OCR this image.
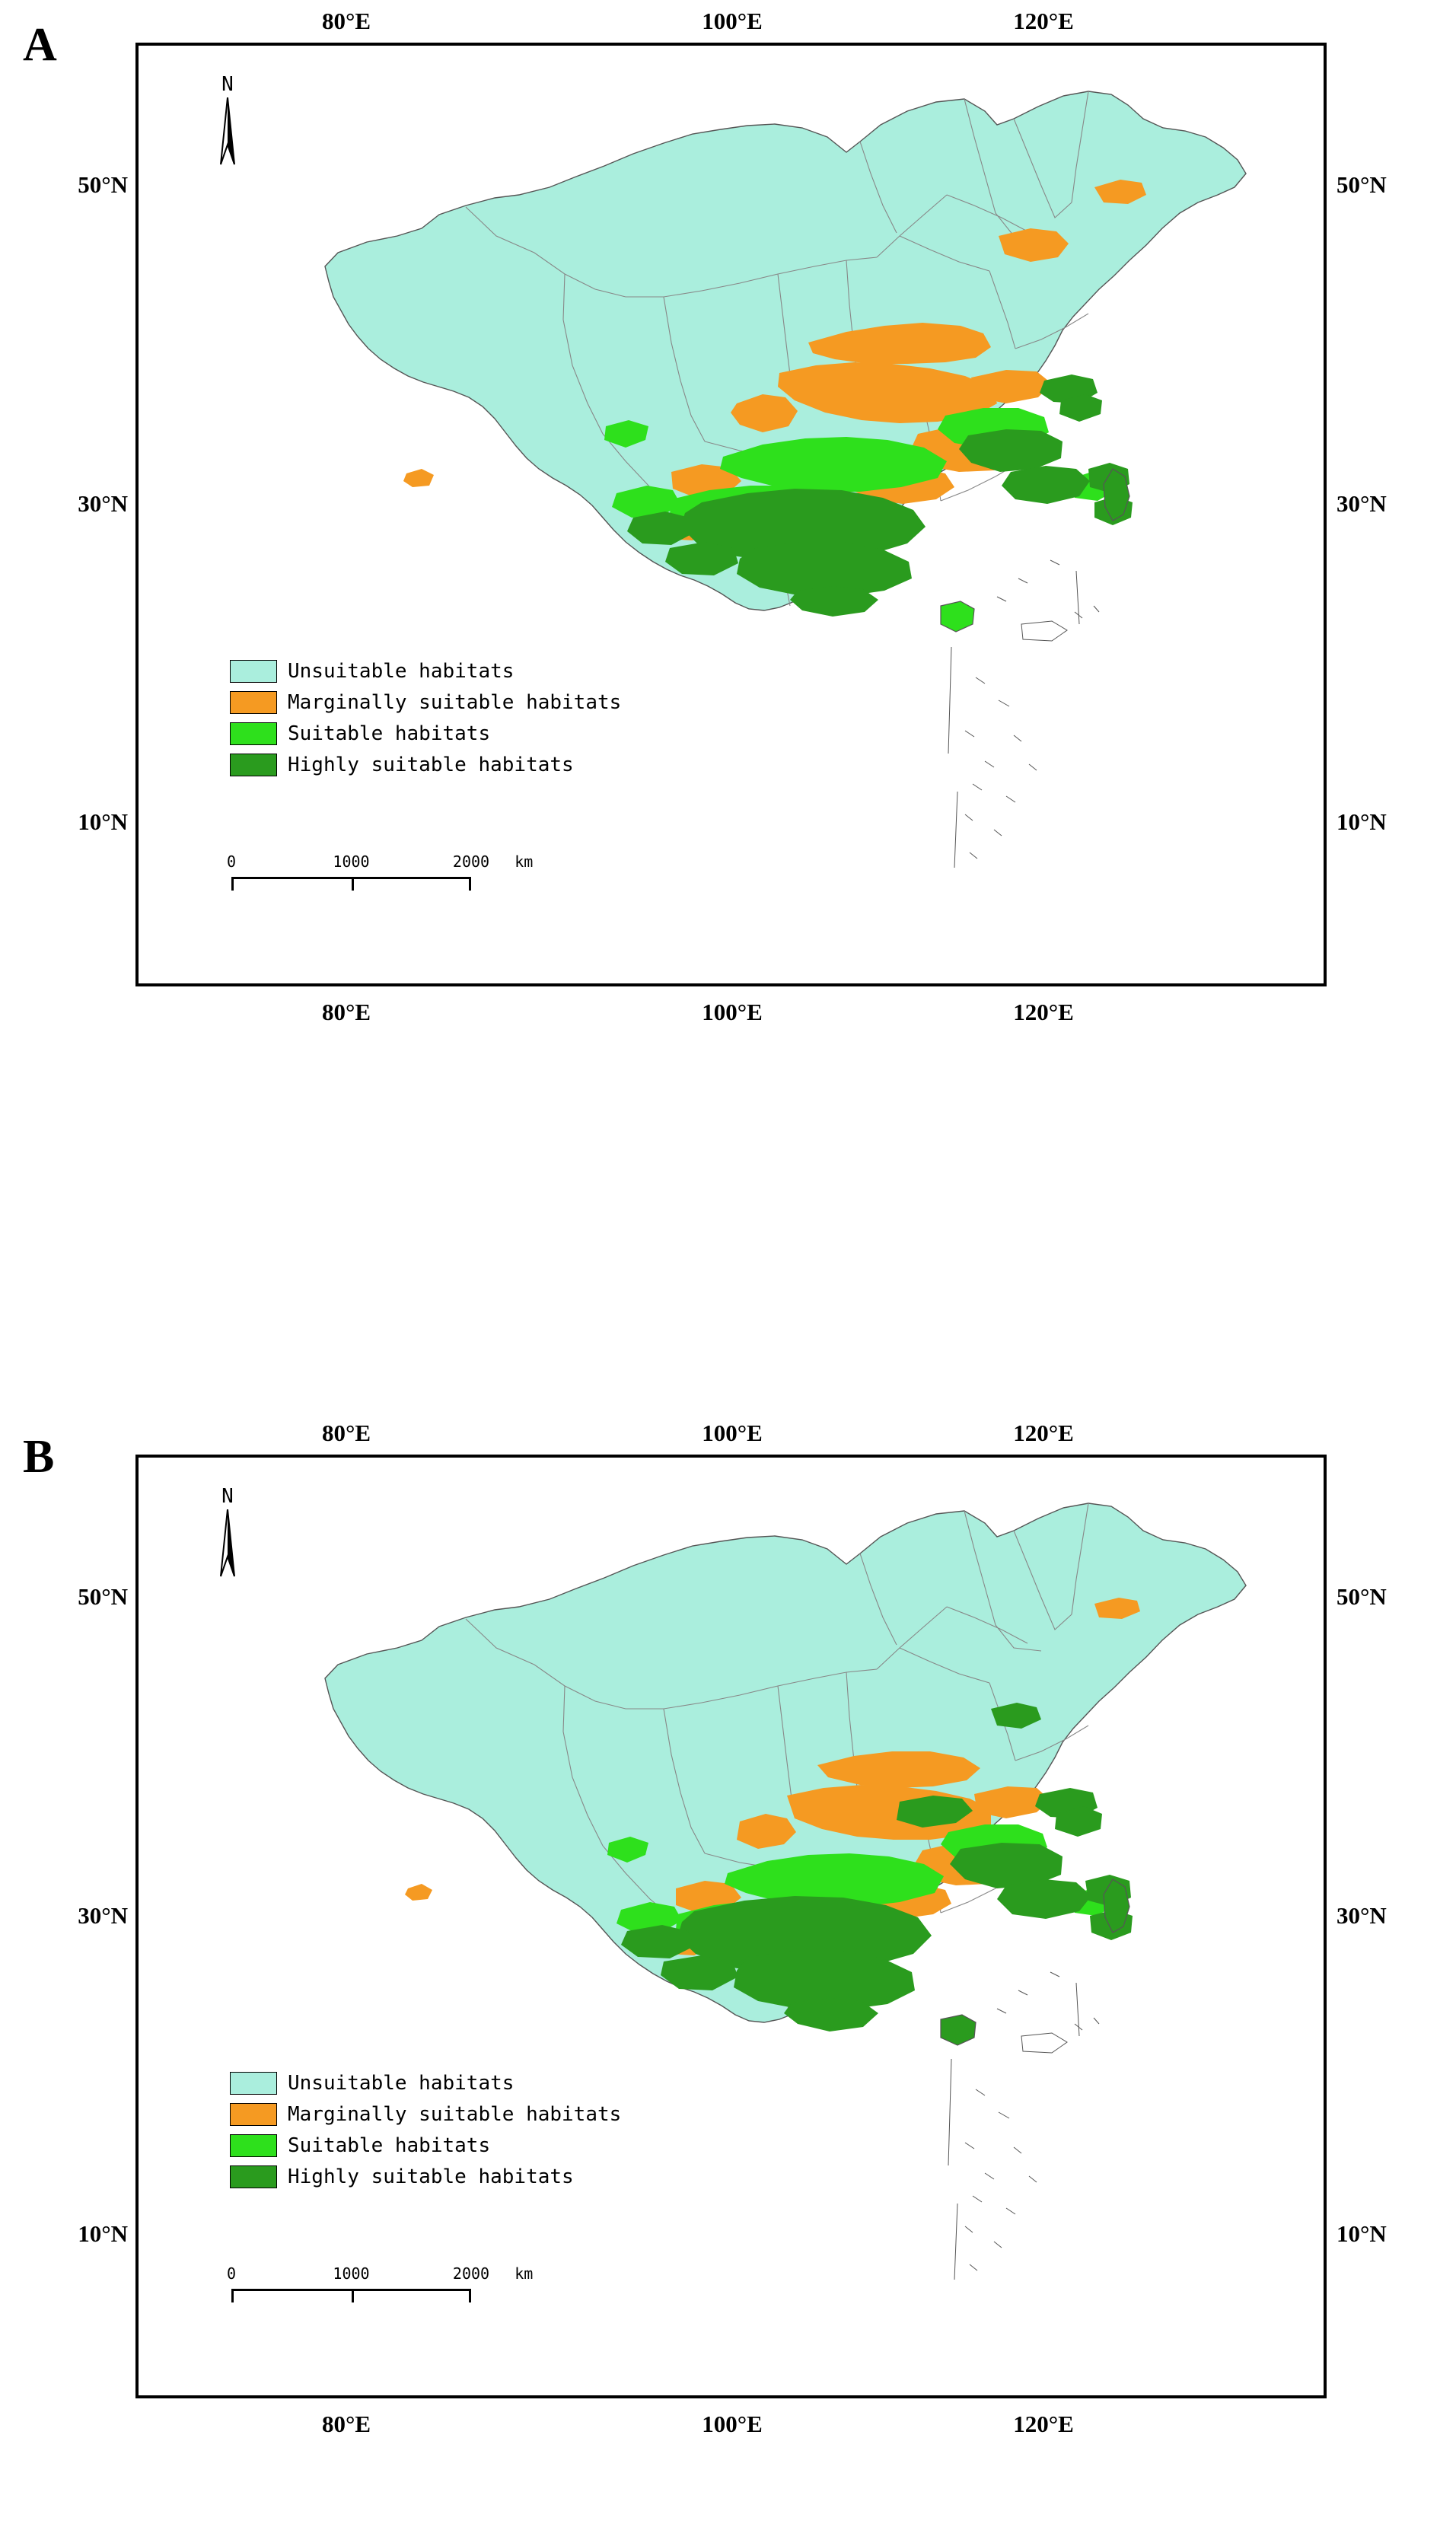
A	80°E	100°E	120°E
80°E	100°E	120°E
50°N
30°N
10°N
50°N
30°N
10°N
N
Unsuitable habitats
Marginally suitable habitats
Suitable habitats
Highly suitable habitats
0	1000	2000 km
B	80°E	100°E	120°E
80°E	100°E	120°E
50°N
30°N
10°N
50°N
30°N
10°N
N
Unsuitable habitats
Marginally suitable habitats
Suitable habitats
Highly suitable habitats
0	1000	2000 km
